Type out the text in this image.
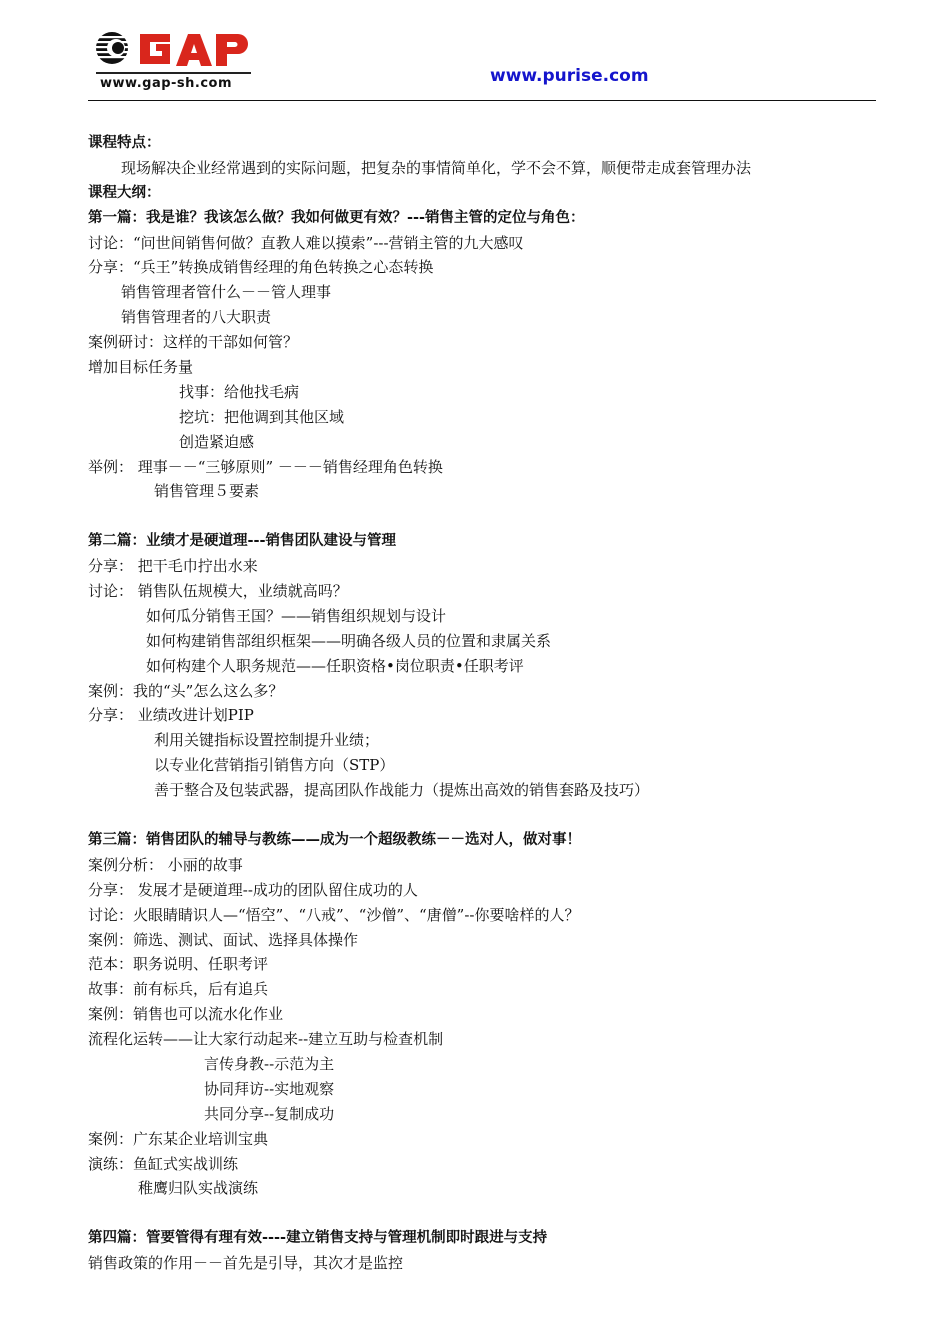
www.gap-sh.com	www.purise.com
课程特点：
现场解决企业经常遇到的实际问题，把复杂的事情简单化，学不会不算，顺便带走成套管理办法
课程大纲：
第一篇：我是谁？我该怎么做？我如何做更有效？---销售主管的定位与角色：
讨论：“问世间销售何做？直教人难以摸索”---营销主管的九大感叹
分享：“兵王”转换成销售经理的角色转换之心态转换
销售管理者管什么－－管人理事
销售管理者的八大职责
案例研讨：这样的干部如何管？
增加目标任务量
找事：给他找毛病
挖坑：把他调到其他区域
创造紧迫感
举例： 理事－－“三够原则” －－－销售经理角色转换
销售管理５要素
第二篇：业绩才是硬道理---销售团队建设与管理
分享： 把干毛巾拧出水来
讨论： 销售队伍规模大，业绩就高吗？
如何瓜分销售王国？——销售组织规划与设计
如何构建销售部组织框架——明确各级人员的位置和隶属关系
如何构建个人职务规范——任职资格•岗位职责•任职考评
案例：我的“头”怎么这么多？
分享： 业绩改进计划PIP
利用关键指标设置控制提升业绩；
以专业化营销指引销售方向（STP）
善于整合及包装武器，提高团队作战能力（提炼出高效的销售套路及技巧）
第三篇：销售团队的辅导与教练——成为一个超级教练－－选对人，做对事！
案例分析： 小丽的故事
分享： 发展才是硬道理--成功的团队留住成功的人
讨论：火眼睛睛识人—“悟空”、“八戒”、“沙僧”、“唐僧”--你要啥样的人？
案例：筛选、测试、面试、选择具体操作
范本：职务说明、任职考评
故事：前有标兵，后有追兵
案例：销售也可以流水化作业
流程化运转——让大家行动起来--建立互助与检查机制
言传身教--示范为主
协同拜访--实地观察
共同分享--复制成功
案例：广东某企业培训宝典
演练：鱼缸式实战训练
稚鹰归队实战演练
第四篇：管要管得有理有效----建立销售支持与管理机制即时跟进与支持
销售政策的作用－－首先是引导，其次才是监控
